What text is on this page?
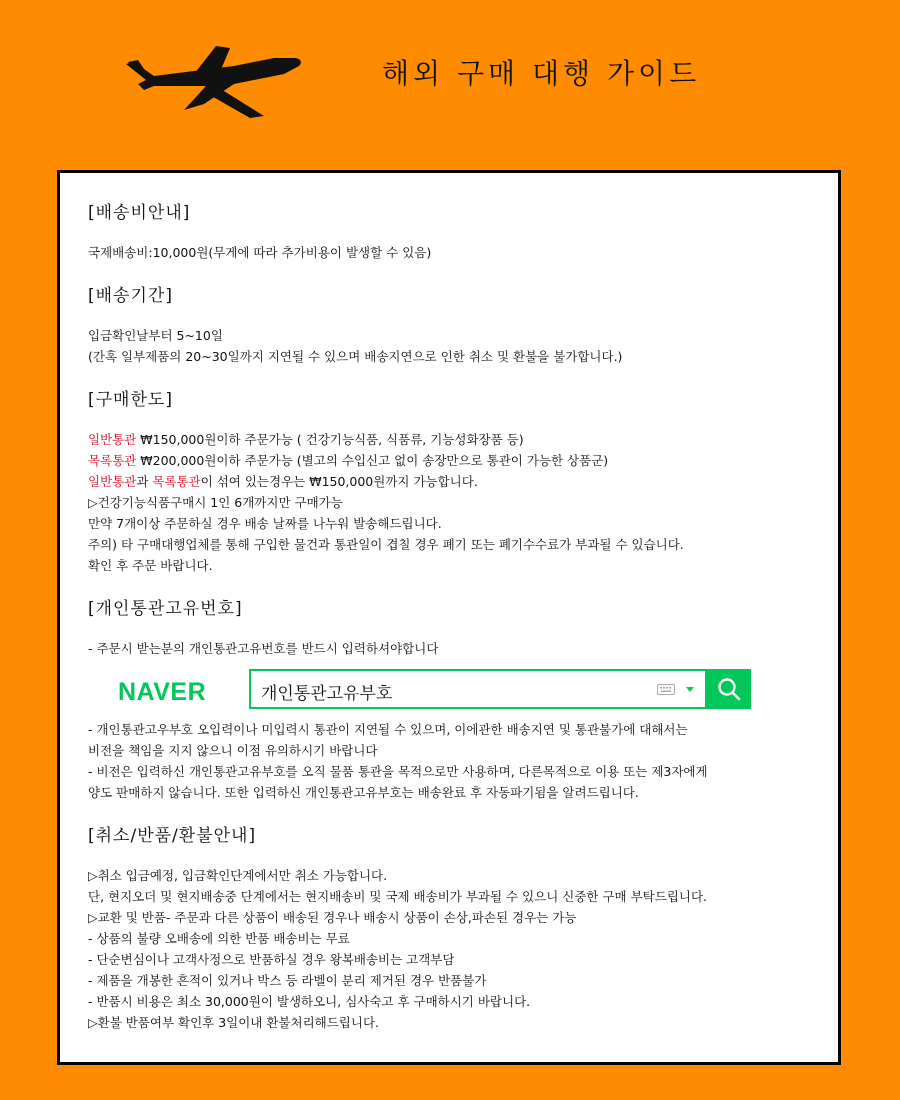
해외 구매 대행 가이드

[배송비안내]

국제배송비:10,000원(무게에 따라 추가비용이 발생할 수 있음)

[배송기간]

입금확인날부터 5~10일

(간혹 일부제품의 20~30일까지 지연될 수 있으며 배송지연으로 인한 취소 및 환불을 불가합니다.)

[구매한도]

일반통관 ₩150,000원이하 주문가능 ( 건강기능식품, 식품류, 기능성화장품 등)

목록통관 ₩200,000원이하 주문가능 (별고의 수입신고 없이 송장만으로 통관이 가능한 상품군)

일반통관과 목록통관이 섞여 있는경우는 ₩150,000원까지 가능합니다.

▷건강기능식품구매시 1인 6개까지만 구매가능

만약 7개이상 주문하실 경우 배송 날짜를 나누워 발송해드립니다.

주의) 타 구매대행업체를 통해 구입한 물건과 통관일이 겹칠 경우 폐기 또는 폐기수수료가 부과될 수 있습니다.

확인 후 주문 바랍니다.

[개인통관고유번호]

- 주문시 받는분의 개인통관고유번호를 반드시 입력하셔야합니다

NAVER	개인통관고유부호

- 개인통관고우부호 오입력이나 미입력시 통관이 지연될 수 있으며, 이에관한 배송지연 및 통관불가에 대해서는

비전을 책임을 지지 않으니 이점 유의하시기 바랍니다

- 비전은 입력하신 개인통관고유부호를 오직 물품 통관을 목적으로만 사용하며, 다른목적으로 이용 또는 제3자에게

양도 판매하지 않습니다. 또한 입력하신 개인통관고유부호는 배송완료 후 자동파기됨을 알려드립니다.

[취소/반품/환불안내]

▷취소 입금예정, 입금확인단계에서만 취소 가능합니다.

단, 현지오더 및 현지배송중 단계에서는 현지배송비 및 국제 배송비가 부과될 수 있으니 신중한 구매 부탁드립니다.

▷교환 및 반품- 주문과 다른 상품이 배송된 경우나 배송시 상품이 손상,파손된 경우는 가능

- 상품의 불량 오배송에 의한 반품 배송비는 무료

- 단순변심이나 고객사정으로 반품하실 경우 왕복배송비는 고객부담

- 제품을 개봉한 흔적이 있거나 박스 등 라벨이 분리 제거된 경우 반품불가

- 반품시 비용은 최소 30,000원이 발생하오니, 심사숙고 후 구매하시기 바랍니다.

▷환불 반품여부 확인후 3일이내 환불처리해드립니다.
